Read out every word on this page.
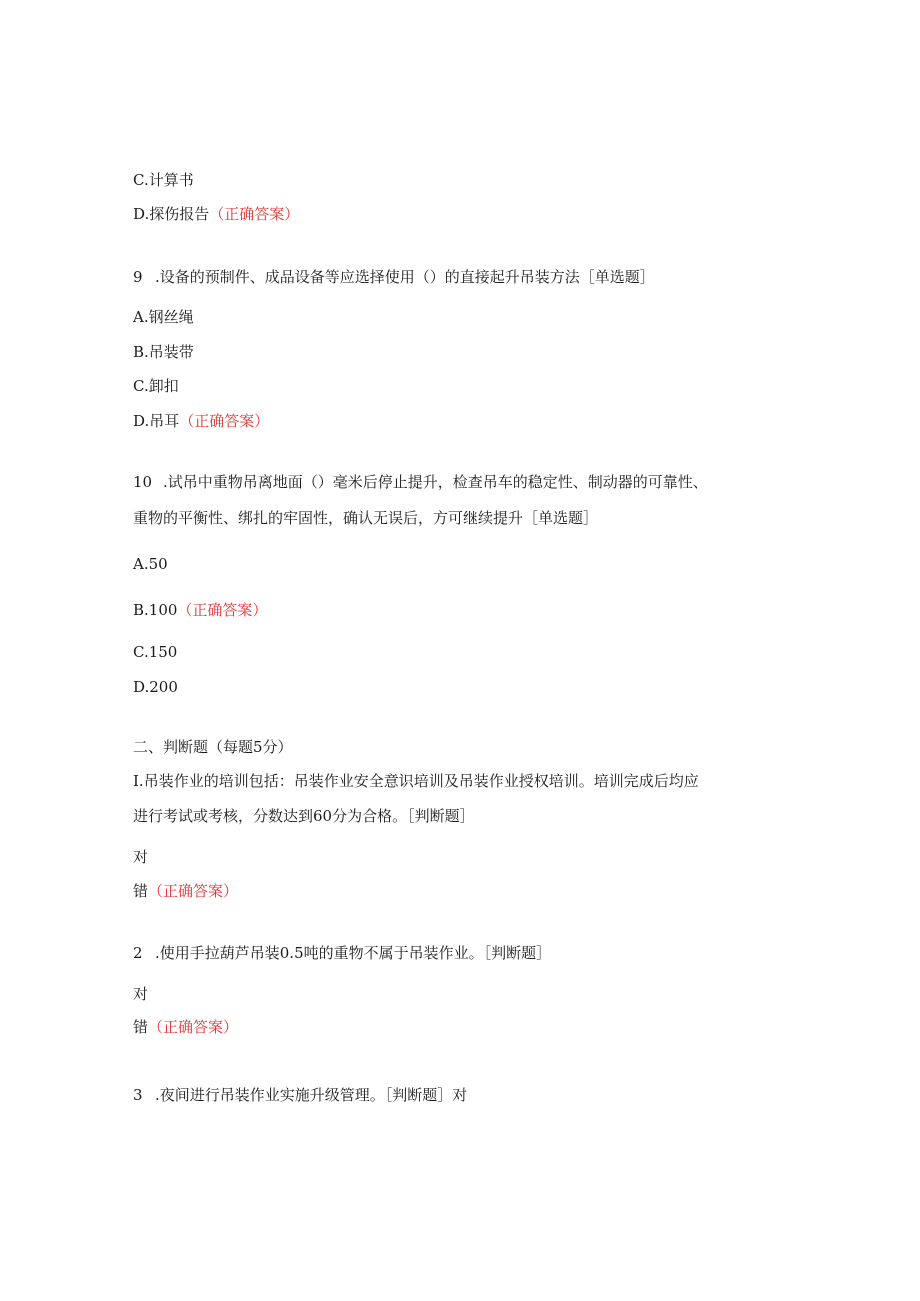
C.计算书
D.探伤报告（正确答案）
9 .设备的预制件、成品设备等应选择使用（）的直接起升吊装方法［单选题］
A.钢丝绳
B.吊装带
C.卸扣
D.吊耳（正确答案）
10 .试吊中重物吊离地面（）毫米后停止提升，检查吊车的稳定性、制动器的可靠性、
重物的平衡性、绑扎的牢固性，确认无误后，方可继续提升［单选题］
A.50
B.100（正确答案）
C.150
D.200
二、判断题（每题5分）
I.吊装作业的培训包括：吊装作业安全意识培训及吊装作业授权培训。培训完成后均应
进行考试或考核，分数达到60分为合格。［判断题］
对
错（正确答案）
2 .使用手拉葫芦吊装0.5吨的重物不属于吊装作业。［判断题］
对
错（正确答案）
3 .夜间进行吊装作业实施升级管理。［判断题］对
